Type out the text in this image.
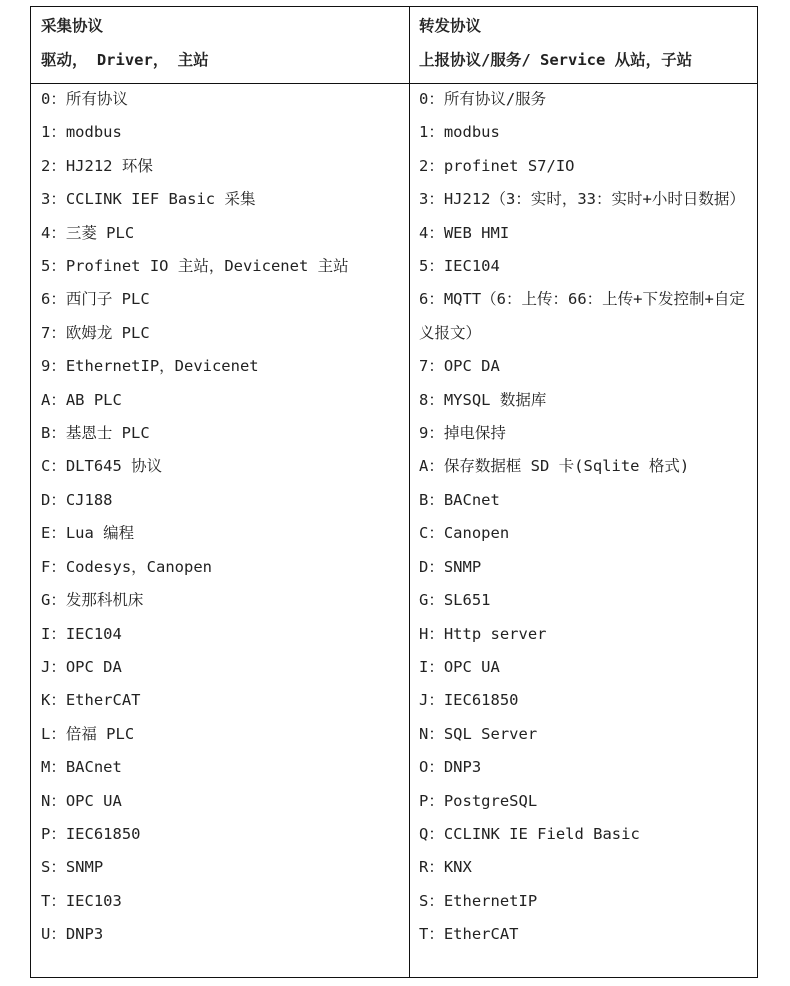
采集协议
驱动， Driver， 主站
0：所有协议
1：modbus
2：HJ212 环保
3：CCLINK IEF Basic 采集
4：三菱 PLC
5：Profinet IO 主站，Devicenet 主站
6：西门子 PLC
7：欧姆龙 PLC
9：EthernetIP，Devicenet
A：AB PLC
B：基恩士 PLC
C：DLT645 协议
D：CJ188
E：Lua 编程
F：Codesys，Canopen
G：发那科机床
I：IEC104
J：OPC DA
K：EtherCAT
L：倍福 PLC
M：BACnet
N：OPC UA
P：IEC61850
S：SNMP
T：IEC103
U：DNP3
转发协议
上报协议/服务/ Service 从站，子站
0：所有协议/服务
1：modbus
2：profinet S7/IO
3：HJ212（3：实时，33：实时+小时日数据）
4：WEB HMI
5：IEC104
6：MQTT（6：上传：66：上传+下发控制+自定义报文）
7：OPC DA
8：MYSQL 数据库
9：掉电保持
A：保存数据框 SD 卡(Sqlite 格式)
B：BACnet
C：Canopen
D：SNMP
G：SL651
H：Http server
I：OPC UA
J：IEC61850
N：SQL Server
O：DNP3
P：PostgreSQL
Q：CCLINK IE Field Basic
R：KNX
S：EthernetIP
T：EtherCAT
